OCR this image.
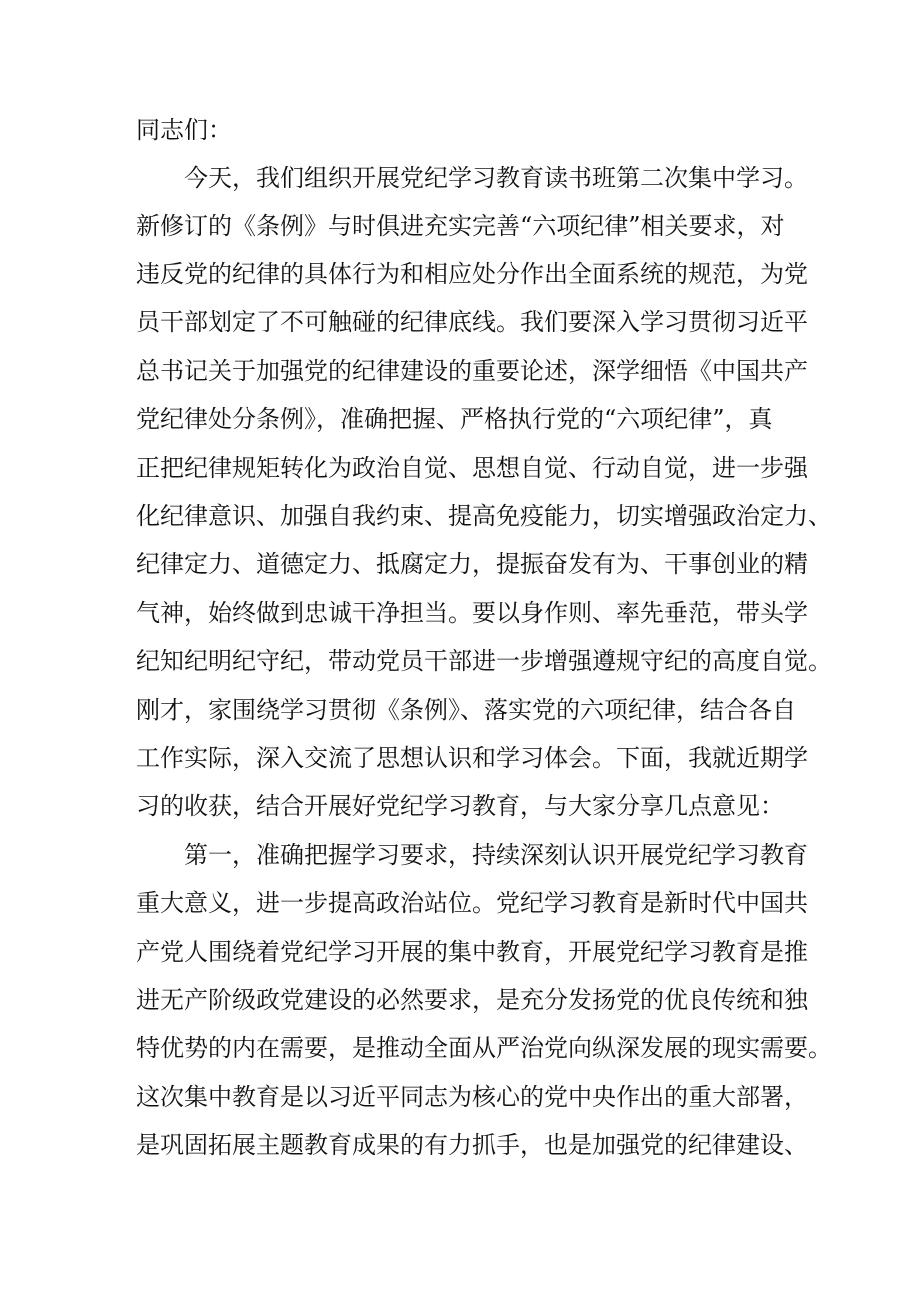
同志们：
今天，我们组织开展党纪学习教育读书班第二次集中学习。
新修订的《条例》与时俱进充实完善“六项纪律”相关要求，对
违反党的纪律的具体行为和相应处分作出全面系统的规范，为党
员干部划定了不可触碰的纪律底线。我们要深入学习贯彻习近平
总书记关于加强党的纪律建设的重要论述，深学细悟《中国共产
党纪律处分条例》，准确把握、严格执行党的“六项纪律”，真
正把纪律规矩转化为政治自觉、思想自觉、行动自觉，进一步强
化纪律意识、加强自我约束、提高免疫能力，切实增强政治定力、
纪律定力、道德定力、抵腐定力，提振奋发有为、干事创业的精
气神，始终做到忠诚干净担当。要以身作则、率先垂范，带头学
纪知纪明纪守纪，带动党员干部进一步增强遵规守纪的高度自觉。
刚才，家围绕学习贯彻《条例》、落实党的六项纪律，结合各自
工作实际，深入交流了思想认识和学习体会。下面，我就近期学
习的收获，结合开展好党纪学习教育，与大家分享几点意见：
第一，准确把握学习要求，持续深刻认识开展党纪学习教育
重大意义，进一步提高政治站位。党纪学习教育是新时代中国共
产党人围绕着党纪学习开展的集中教育，开展党纪学习教育是推
进无产阶级政党建设的必然要求，是充分发扬党的优良传统和独
特优势的内在需要，是推动全面从严治党向纵深发展的现实需要。
这次集中教育是以习近平同志为核心的党中央作出的重大部署，
是巩固拓展主题教育成果的有力抓手，也是加强党的纪律建设、
